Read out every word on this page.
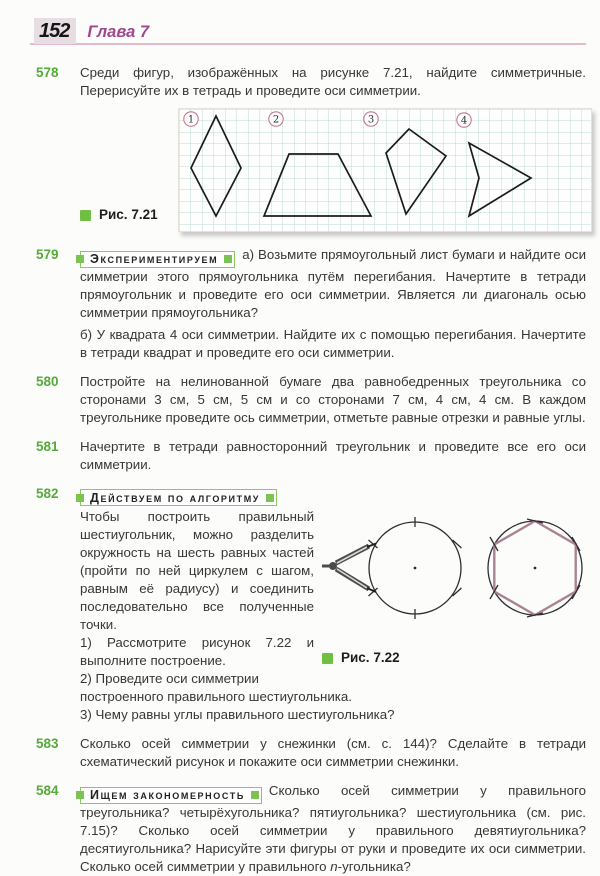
152	Глава 7
578	Среди фигур, изображённых на рисунке 7.21, найдите симметричные. Перерисуйте их в тетрадь и проведите оси симметрии.

Рис. 7.21
1	2	3	4
579	Экспериментируем а) Возьмите прямоугольный лист бумаги и найдите оси симметрии этого прямоугольника путём перегибания. Начертите в тетради прямоугольник и проведите его оси симметрии. Является ли диагональ осью симметрии прямоугольника?

б) У квадрата 4 оси симметрии. Найдите их с помощью перегибания. Начертите в тетради квадрат и проведите его оси симметрии.

580	Постройте на нелинованной бумаге два равнобедренных треугольника со сторонами 3 см, 5 см, 5 см и со сторонами 7 см, 4 см, 4 см. В каждом треугольнике проведите ось симметрии, отметьте равные отрезки и равные углы.

581	Начертите в тетради равносторонний треугольник и проведите все его оси симметрии.

582	Действуем по алгоритму

Чтобы построить правильный шестиугольник, можно разделить окружность на шесть равных частей (пройти по ней циркулем с шагом, равным её радиусу) и соединить последовательно все полученные точки.

1) Рассмотрите рисунок 7.22 и выполните построение.

2) Проведите оси симметрии

Рис. 7.22

построенного правильного шестиугольника.

3) Чему равны углы правильного шестиугольника?

583	Сколько осей симметрии у снежинки (см. с. 144)? Сделайте в тетради схематический рисунок и покажите оси симметрии снежинки.

584	Ищем закономерность Сколько осей симметрии у правильного треугольника? четырёхугольника? пятиугольника? шестиугольника (см. рис. 7.15)? Сколько осей симметрии у правильного девятиугольника? десятиугольника? Нарисуйте эти фигуры от руки и проведите их оси симметрии. Сколько осей симметрии у правильного n-угольника?
